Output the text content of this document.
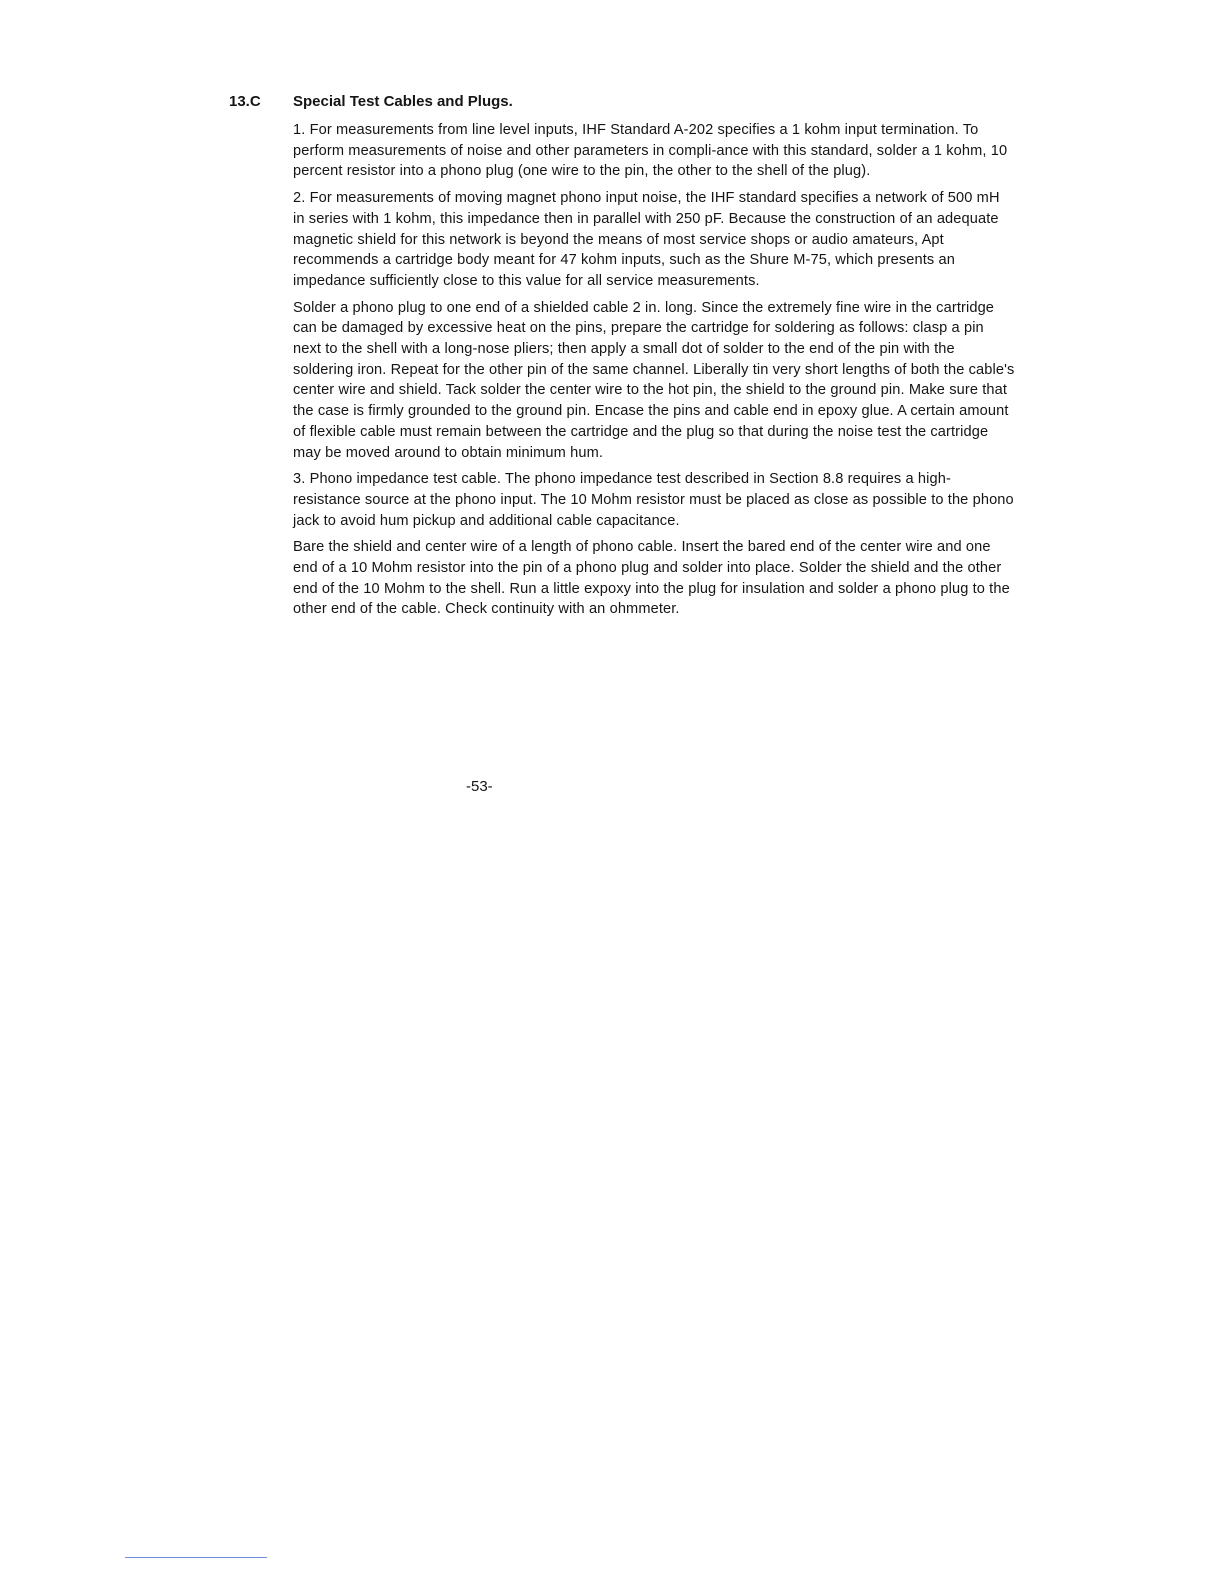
13.C Special Test Cables and Plugs.

1. For measurements from line level inputs, IHF Standard A-202 specifies a 1 kohm input termination. To perform measurements of noise and other parameters in compli-ance with this standard, solder a 1 kohm, 10 percent resistor into a phono plug (one wire to the pin, the other to the shell of the plug).

2. For measurements of moving magnet phono input noise, the IHF standard specifies a network of 500 mH in series with 1 kohm, this impedance then in parallel with 250 pF. Because the construction of an adequate magnetic shield for this network is beyond the means of most service shops or audio amateurs, Apt recommends a cartridge body meant for 47 kohm inputs, such as the Shure M-75, which presents an impedance sufficiently close to this value for all service measurements.

Solder a phono plug to one end of a shielded cable 2 in. long. Since the extremely fine wire in the cartridge can be damaged by excessive heat on the pins, prepare the cartridge for soldering as follows: clasp a pin next to the shell with a long-nose pliers; then apply a small dot of solder to the end of the pin with the soldering iron. Repeat for the other pin of the same channel. Liberally tin very short lengths of both the cable's center wire and shield. Tack solder the center wire to the hot pin, the shield to the ground pin. Make sure that the case is firmly grounded to the ground pin. Encase the pins and cable end in epoxy glue. A certain amount of flexible cable must remain between the cartridge and the plug so that during the noise test the cartridge may be moved around to obtain minimum hum.

3. Phono impedance test cable. The phono impedance test described in Section 8.8 requires a high-resistance source at the phono input. The 10 Mohm resistor must be placed as close as possible to the phono jack to avoid hum pickup and additional cable capacitance.

Bare the shield and center wire of a length of phono cable. Insert the bared end of the center wire and one end of a 10 Mohm resistor into the pin of a phono plug and solder into place. Solder the shield and the other end of the 10 Mohm to the shell. Run a little expoxy into the plug for insulation and solder a phono plug to the other end of the cable. Check continuity with an ohmmeter.

-53-
